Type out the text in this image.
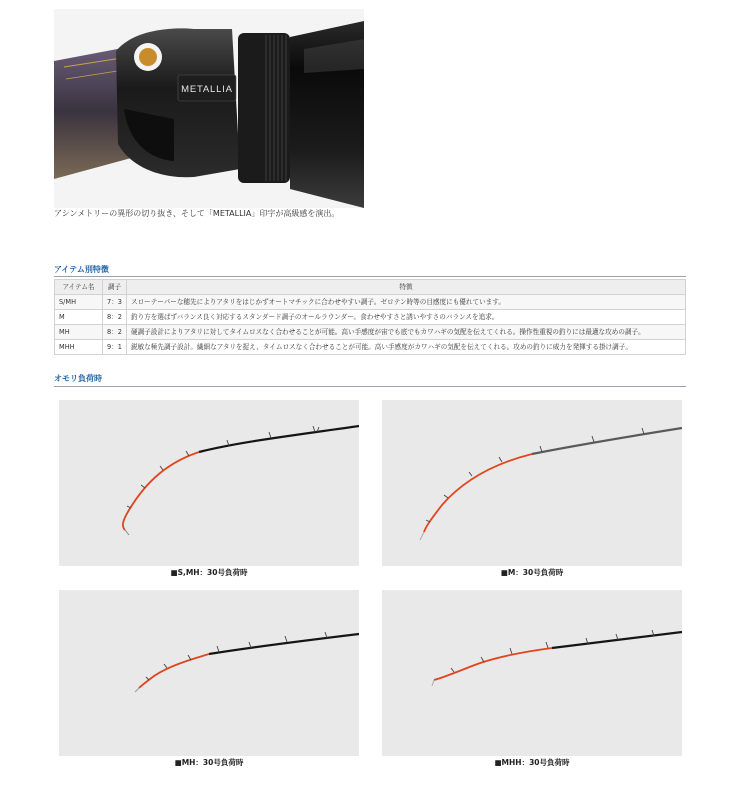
METALLIA
アシンメトリーの異形の切り抜き、そして「METALLIA」印字が高級感を演出。
アイテム別特徴
アイテム名	調子	特徴
S/MH	7：3	スローテーパーな穂先によりアタリをはじかずオートマチックに合わせやすい調子。ゼロテン時等の目感度にも優れています。
M	8：2	釣り方を選ばずバランス良く対応するスタンダード調子のオールラウンダー。食わせやすさと誘いやすさのバランスを追求。
MH	8：2	硬調子設計によりアタリに対してタイムロスなく合わせることが可能。高い手感度が宙でも底でもカワハギの気配を伝えてくれる。操作性重視の釣りには最適な攻めの調子。
MHH	9：1	鋭敏な極先調子設計。繊細なアタリを捉え、タイムロスなく合わせることが可能。高い手感度がカワハギの気配を伝えてくれる。攻めの釣りに威力を発揮する掛け調子。
オモリ負荷時
■S,MH：30号負荷時	■M：30号負荷時
■MH：30号負荷時	■MHH：30号負荷時
